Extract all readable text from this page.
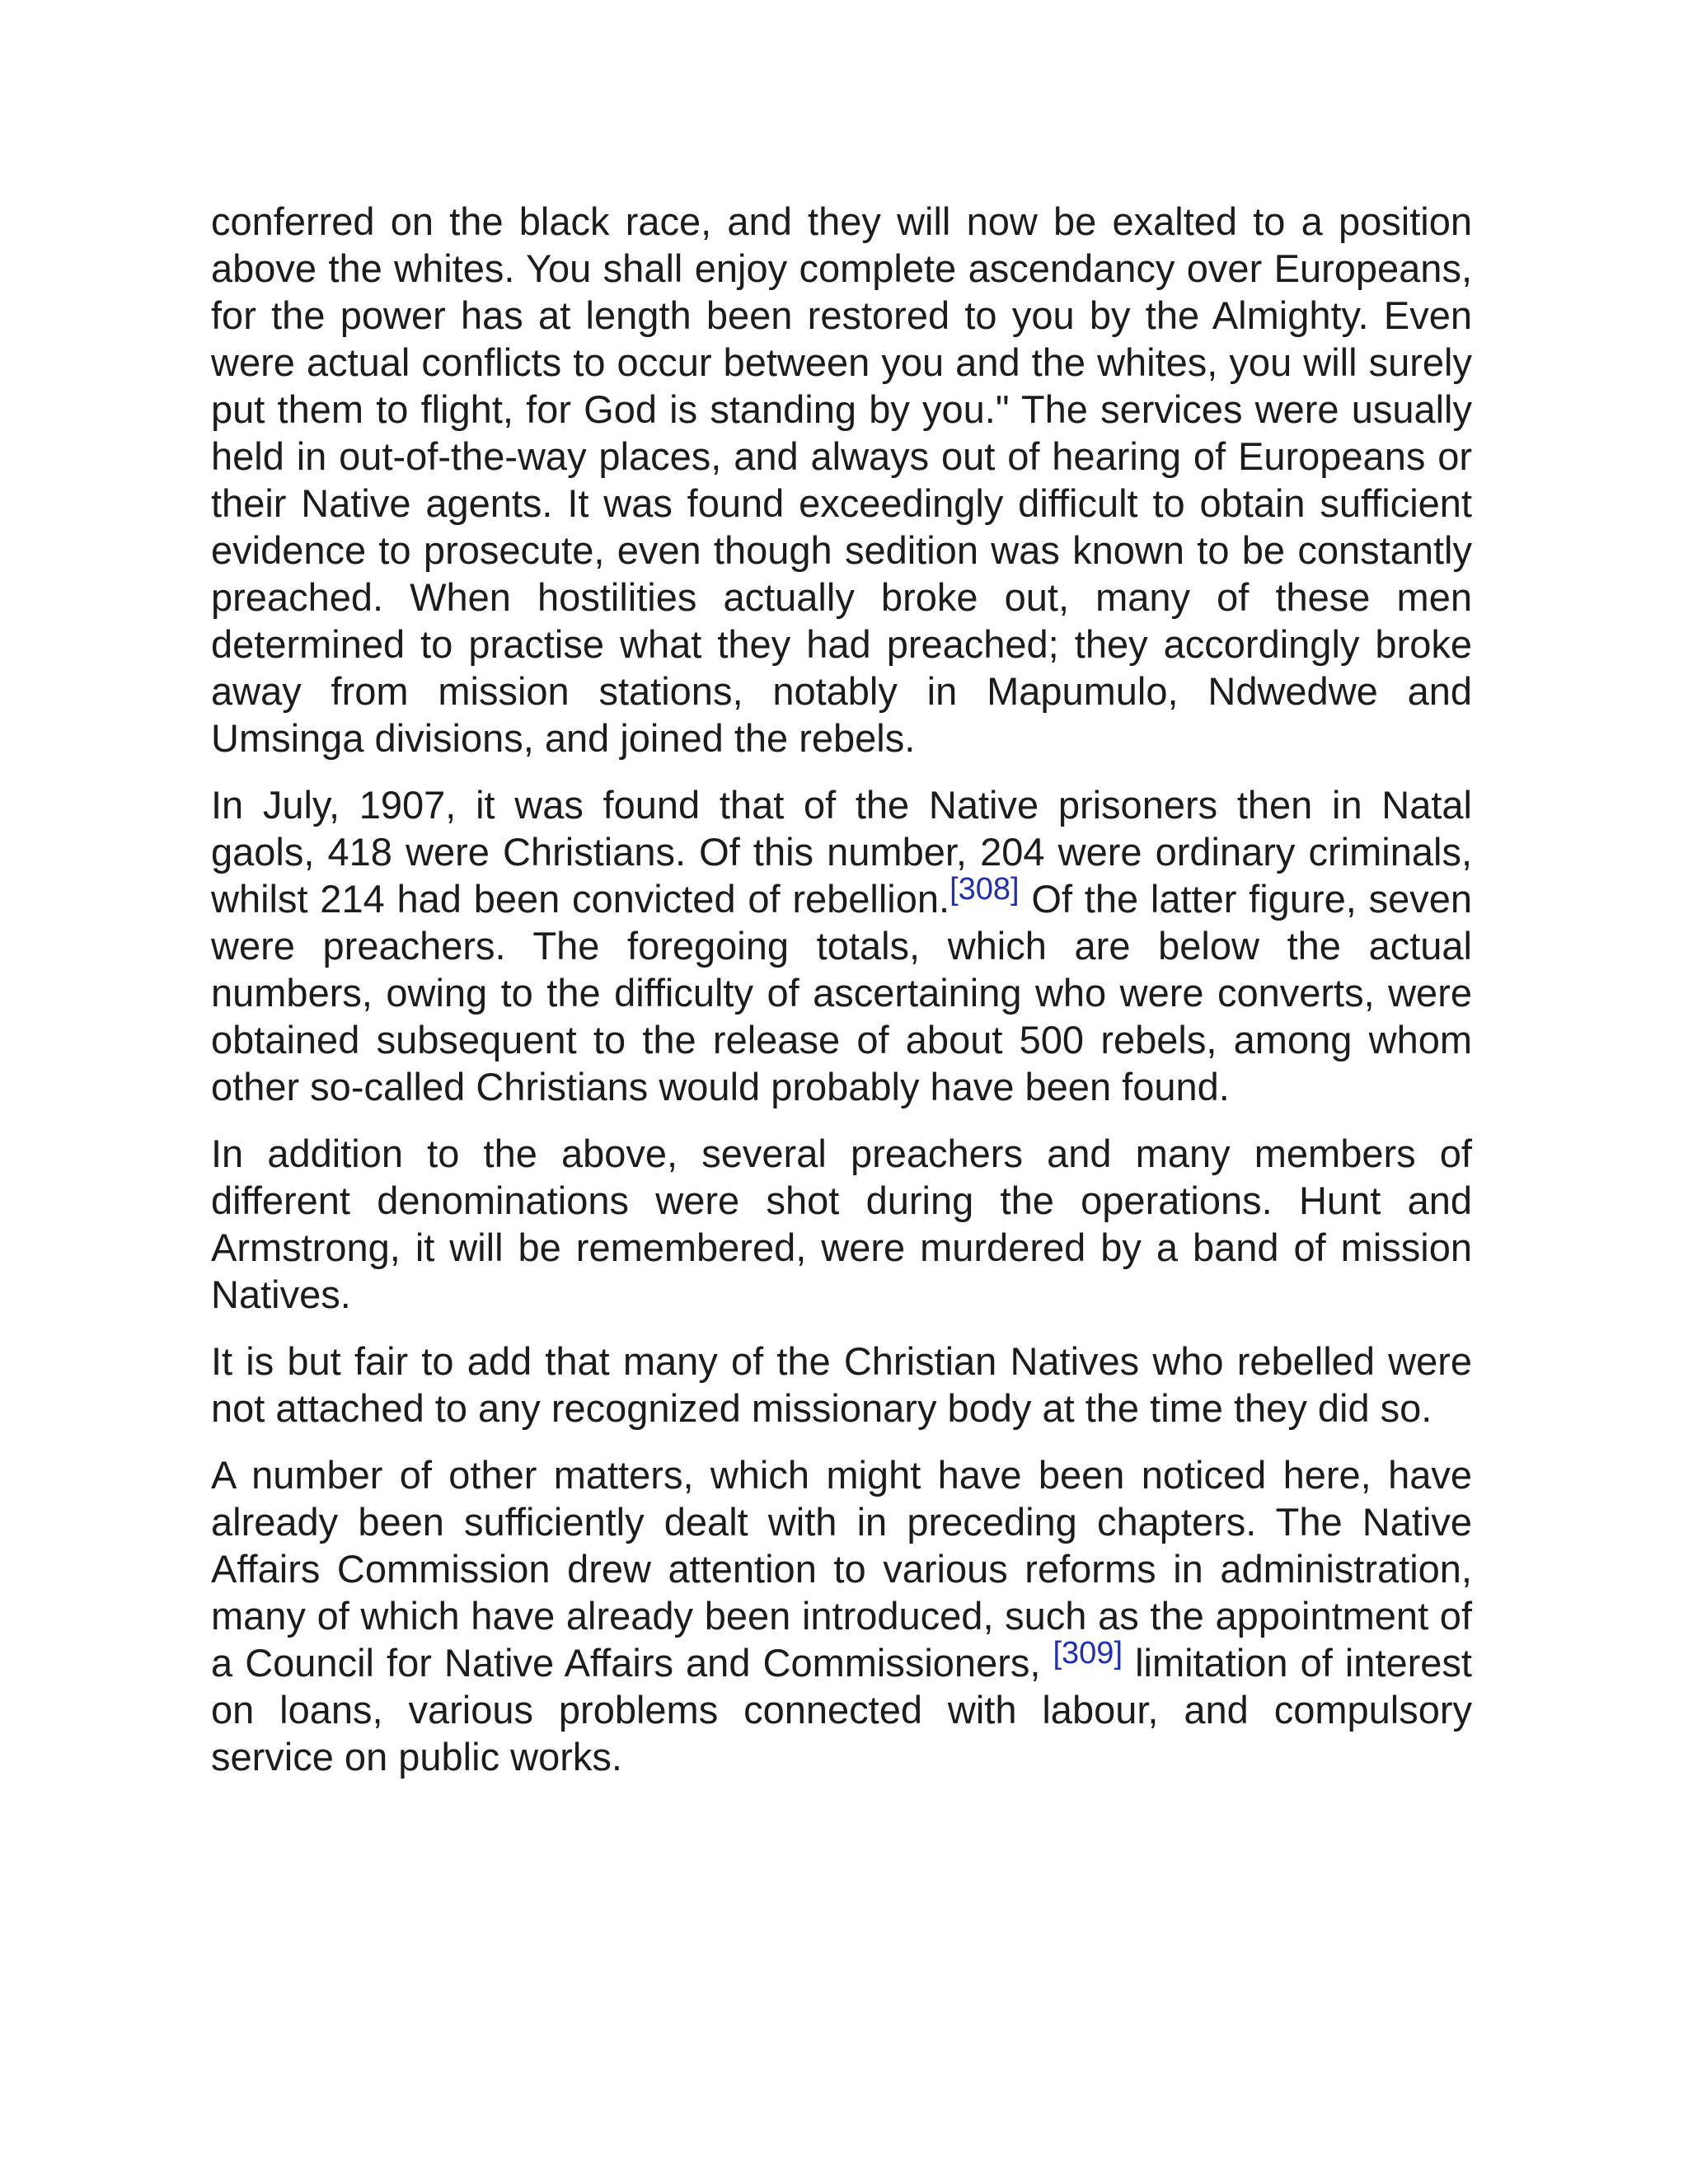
conferred on the black race, and they will now be exalted to a position above the whites. You shall enjoy complete ascendancy over Europeans, for the power has at length been restored to you by the Almighty. Even were actual conflicts to occur between you and the whites, you will surely put them to flight, for God is standing by you." The services were usually held in out-of-the-way places, and always out of hearing of Europeans or their Native agents. It was found exceedingly difficult to obtain sufficient evidence to prosecute, even though sedition was known to be constantly preached. When hostilities actually broke out, many of these men determined to practise what they had preached; they accordingly broke away from mission stations, notably in Mapumulo, Ndwedwe and Umsinga divisions, and joined the rebels.

In July, 1907, it was found that of the Native prisoners then in Natal gaols, 418 were Christians. Of this number, 204 were ordinary criminals, whilst 214 had been convicted of rebellion.[308] Of the latter figure, seven were preachers. The foregoing totals, which are below the actual numbers, owing to the difficulty of ascertaining who were converts, were obtained subsequent to the release of about 500 rebels, among whom other so-called Christians would probably have been found.

In addition to the above, several preachers and many members of different denominations were shot during the operations. Hunt and Armstrong, it will be remembered, were murdered by a band of mission Natives.

It is but fair to add that many of the Christian Natives who rebelled were not attached to any recognized missionary body at the time they did so.

A number of other matters, which might have been noticed here, have already been sufficiently dealt with in preceding chapters. The Native Affairs Commission drew attention to various reforms in administration, many of which have already been introduced, such as the appointment of a Council for Native Affairs and Commissioners, [309] limitation of interest on loans, various problems connected with labour, and compulsory service on public works.
